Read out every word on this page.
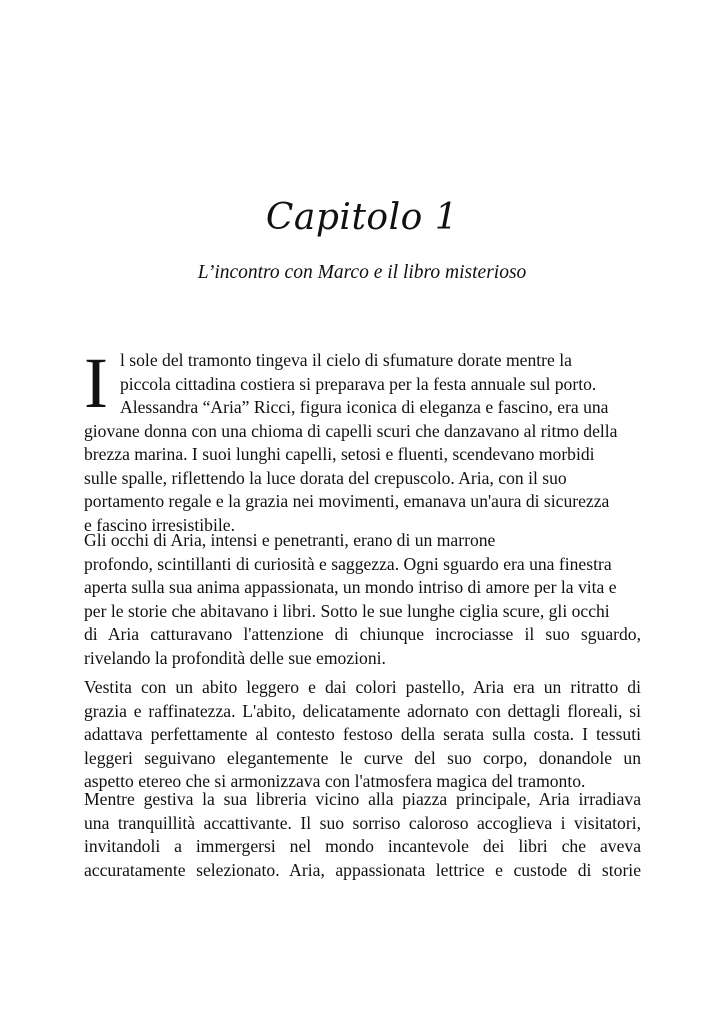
Capitolo 1
L’incontro con Marco e il libro misterioso
I l sole del tramonto tingeva il cielo di sfumature dorate mentre la
piccola cittadina costiera si preparava per la festa annuale sul porto.
Alessandra “Aria” Ricci, figura iconica di eleganza e fascino, era una
giovane donna con una chioma di capelli scuri che danzavano al ritmo della
brezza marina. I suoi lunghi capelli, setosi e fluenti, scendevano morbidi
sulle spalle, riflettendo la luce dorata del crepuscolo. Aria, con il suo
portamento regale e la grazia nei movimenti, emanava un'aura di sicurezza
e fascino irresistibile.
Gli occhi di Aria, intensi e penetranti, erano di un marrone
profondo, scintillanti di curiosità e saggezza. Ogni sguardo era una finestra
aperta sulla sua anima appassionata, un mondo intriso di amore per la vita e
per le storie che abitavano i libri. Sotto le sue lunghe ciglia scure, gli occhi
di Aria catturavano l'attenzione di chiunque incrociasse il suo sguardo,
rivelando la profondità delle sue emozioni.
Vestita con un abito leggero e dai colori pastello, Aria era un ritratto di
grazia e raffinatezza. L'abito, delicatamente adornato con dettagli floreali, si
adattava perfettamente al contesto festoso della serata sulla costa. I tessuti
leggeri seguivano elegantemente le curve del suo corpo, donandole un
aspetto etereo che si armonizzava con l'atmosfera magica del tramonto.
Mentre gestiva la sua libreria vicino alla piazza principale, Aria irradiava
una tranquillità accattivante. Il suo sorriso caloroso accoglieva i visitatori,
invitandoli a immergersi nel mondo incantevole dei libri che aveva
accuratamente selezionato. Aria, appassionata lettrice e custode di storie
